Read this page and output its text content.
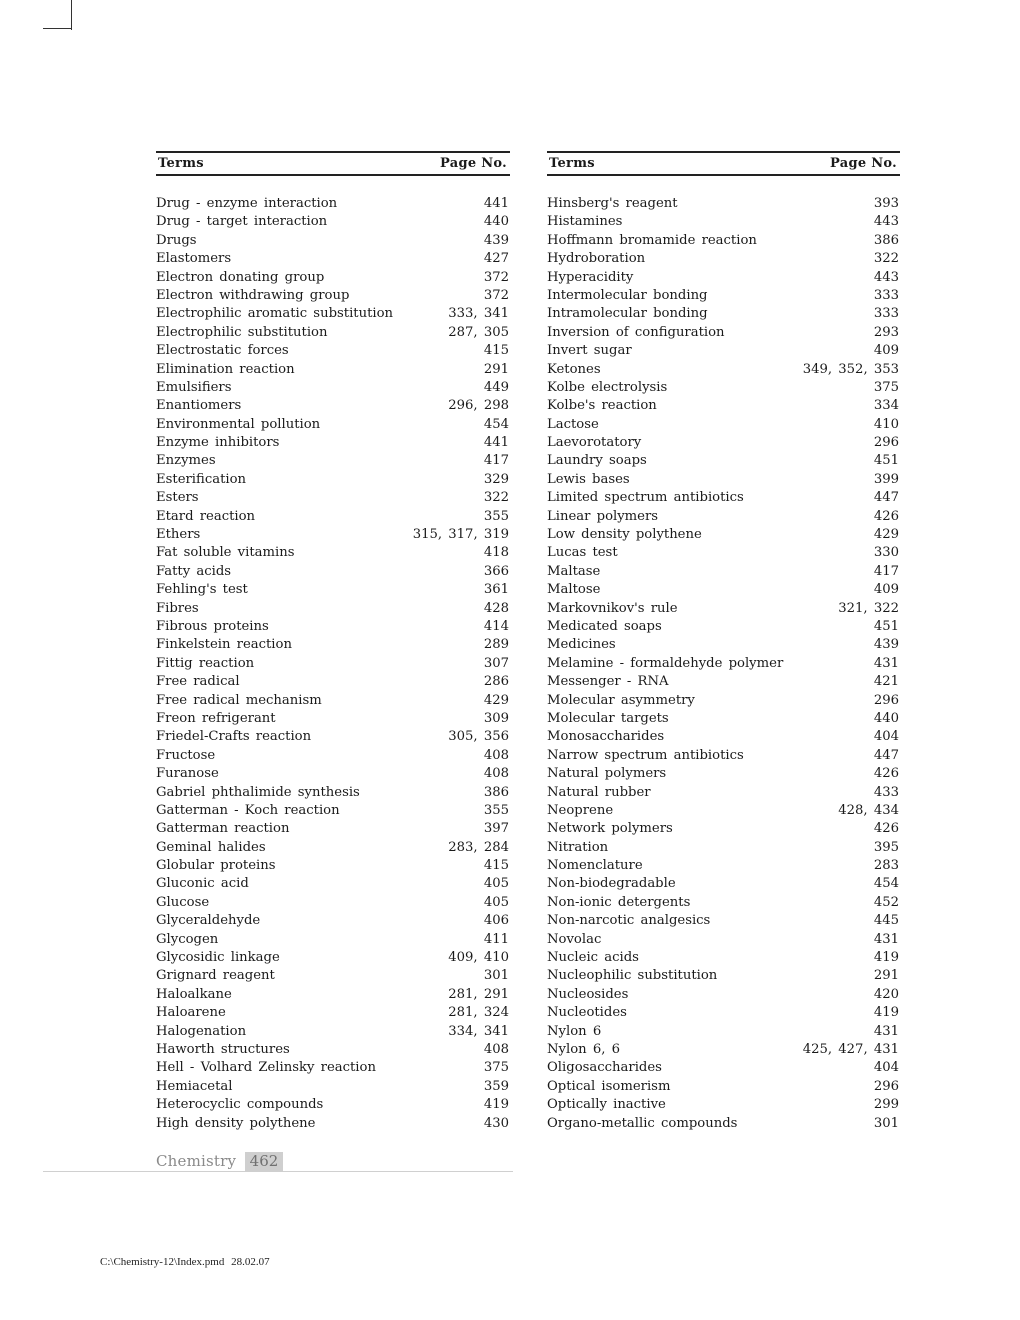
Terms	Page No.
Drug - enzyme interaction	441
Drug - target interaction	440
Drugs	439
Elastomers	427
Electron donating group	372
Electron withdrawing group	372
Electrophilic aromatic substitution	333, 341
Electrophilic substitution	287, 305
Electrostatic forces	415
Elimination reaction	291
Emulsifiers	449
Enantiomers	296, 298
Environmental pollution	454
Enzyme inhibitors	441
Enzymes	417
Esterification	329
Esters	322
Etard reaction	355
Ethers	315, 317, 319
Fat soluble vitamins	418
Fatty acids	366
Fehling's test	361
Fibres	428
Fibrous proteins	414
Finkelstein reaction	289
Fittig reaction	307
Free radical	286
Free radical mechanism	429
Freon refrigerant	309
Friedel-Crafts reaction	305, 356
Fructose	408
Furanose	408
Gabriel phthalimide synthesis	386
Gatterman - Koch reaction	355
Gatterman reaction	397
Geminal halides	283, 284
Globular proteins	415
Gluconic acid	405
Glucose	405
Glyceraldehyde	406
Glycogen	411
Glycosidic linkage	409, 410
Grignard reagent	301
Haloalkane	281, 291
Haloarene	281, 324
Halogenation	334, 341
Haworth structures	408
Hell - Volhard Zelinsky reaction	375
Hemiacetal	359
Heterocyclic compounds	419
High density polythene	430
Terms	Page No.
Hinsberg's reagent	393
Histamines	443
Hoffmann bromamide reaction	386
Hydroboration	322
Hyperacidity	443
Intermolecular bonding	333
Intramolecular bonding	333
Inversion of configuration	293
Invert sugar	409
Ketones	349, 352, 353
Kolbe electrolysis	375
Kolbe's reaction	334
Lactose	410
Laevorotatory	296
Laundry soaps	451
Lewis bases	399
Limited spectrum antibiotics	447
Linear polymers	426
Low density polythene	429
Lucas test	330
Maltase	417
Maltose	409
Markovnikov's rule	321, 322
Medicated soaps	451
Medicines	439
Melamine - formaldehyde polymer	431
Messenger - RNA	421
Molecular asymmetry	296
Molecular targets	440
Monosaccharides	404
Narrow spectrum antibiotics	447
Natural polymers	426
Natural rubber	433
Neoprene	428, 434
Network polymers	426
Nitration	395
Nomenclature	283
Non-biodegradable	454
Non-ionic detergents	452
Non-narcotic analgesics	445
Novolac	431
Nucleic acids	419
Nucleophilic substitution	291
Nucleosides	420
Nucleotides	419
Nylon 6	431
Nylon 6, 6	425, 427, 431
Oligosaccharides	404
Optical isomerism	296
Optically inactive	299
Organo-metallic compounds	301
Chemistry 462
C:\Chemistry-12\Index.pmd 28.02.07
